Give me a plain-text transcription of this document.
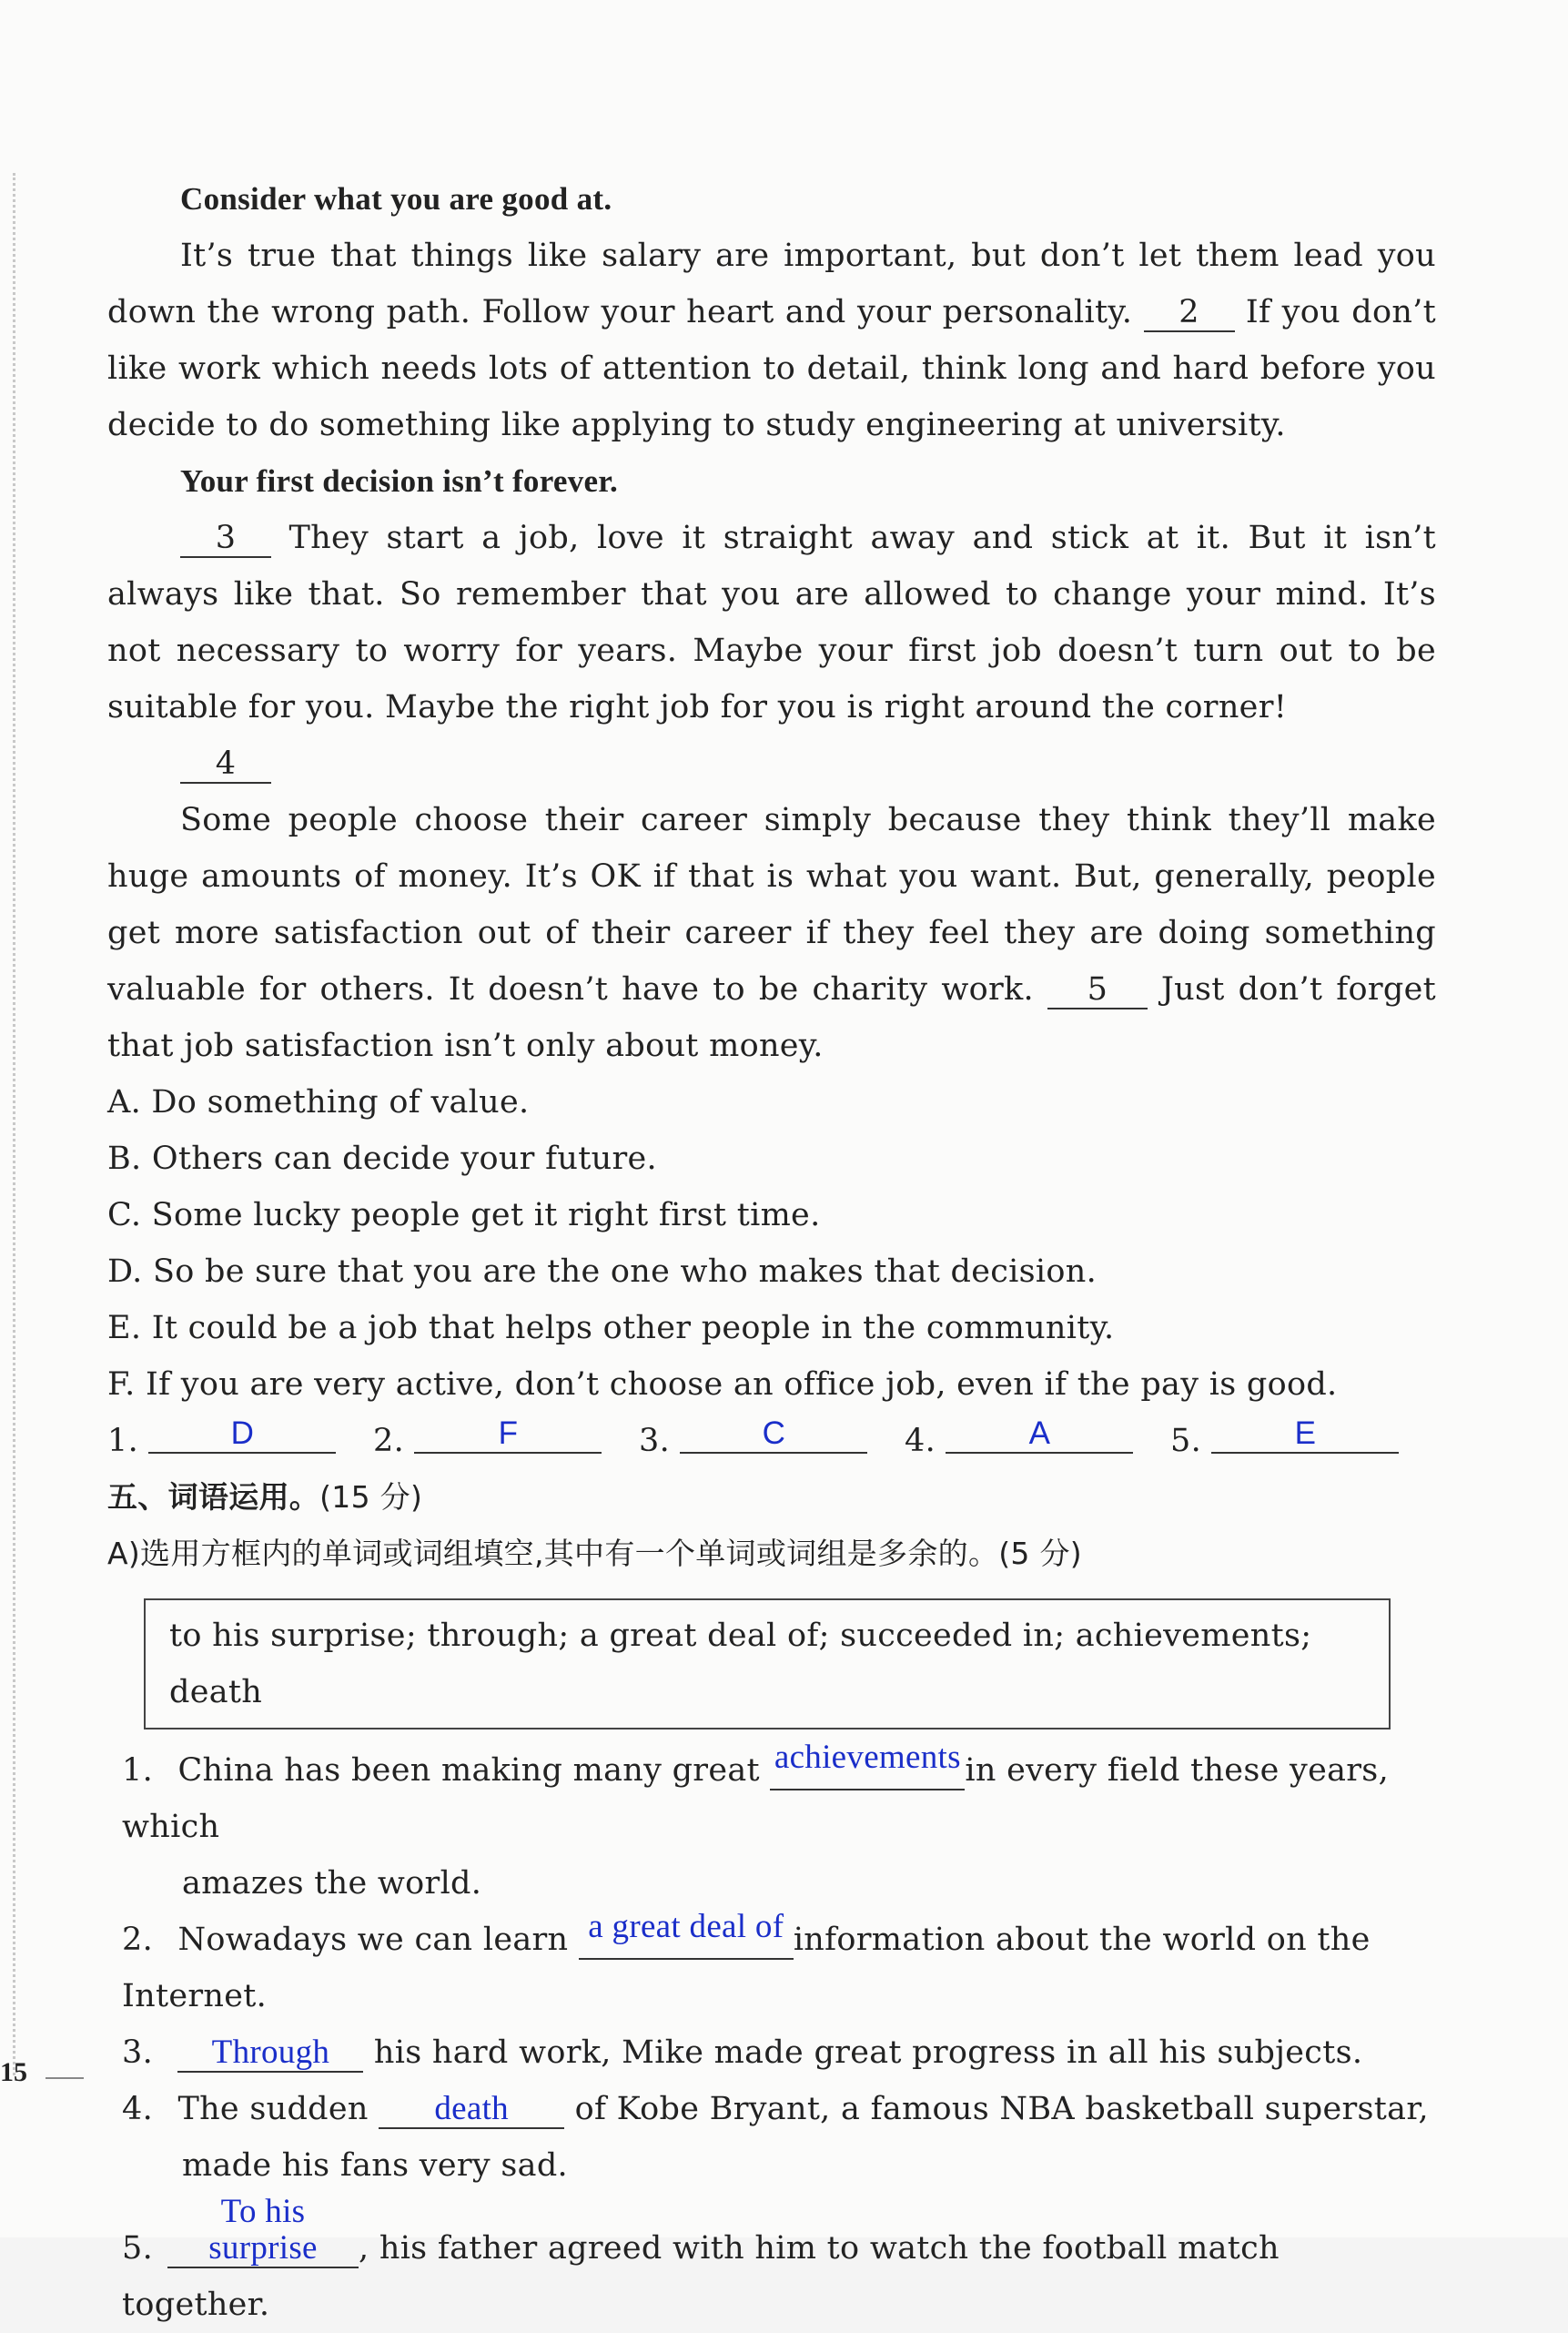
Consider what you are good at.
It’s true that things like salary are important, but don’t let them lead you down the wrong path. Follow your heart and your personality. 2 If you don’t like work which needs lots of attention to detail, think long and hard before you decide to do something like applying to study engineering at university.
Your first decision isn’t forever.
3 They start a job, love it straight away and stick at it. But it isn’t always like that. So remember that you are allowed to change your mind. It’s not necessary to worry for years. Maybe your first job doesn’t turn out to be suitable for you. Maybe the right job for you is right around the corner!
4
Some people choose their career simply because they think they’ll make huge amounts of money. It’s OK if that is what you want. But, generally, people get more satisfaction out of their career if they feel they are doing something valuable for others. It doesn’t have to be charity work. 5 Just don’t forget that job satisfaction isn’t only about money.
A. Do something of value.
B. Others can decide your future.
C. Some lucky people get it right first time.
D. So be sure that you are the one who makes that decision.
E. It could be a job that helps other people in the community.
F. If you are very active, don’t choose an office job, even if the pay is good.
1.	D	2.	F	3.	C	4.	A	5.	E
五、词语运用。(15 分)
A)选用方框内的单词或词组填空,其中有一个单词或词组是多余的。(5 分)
to his surprise; through; a great deal of; succeeded in; achievements; death
1. China has been making many great achievements in every field these years, which
amazes the world.
2. Nowadays we can learn a great deal of information about the world on the Internet.
3. Through his hard work, Mike made great progress in all his subjects.
4. The sudden death of Kobe Bryant, a famous NBA basketball superstar,
made his fans very sad.
5.To his surprise , his father agreed with him to watch the football match together.
15
